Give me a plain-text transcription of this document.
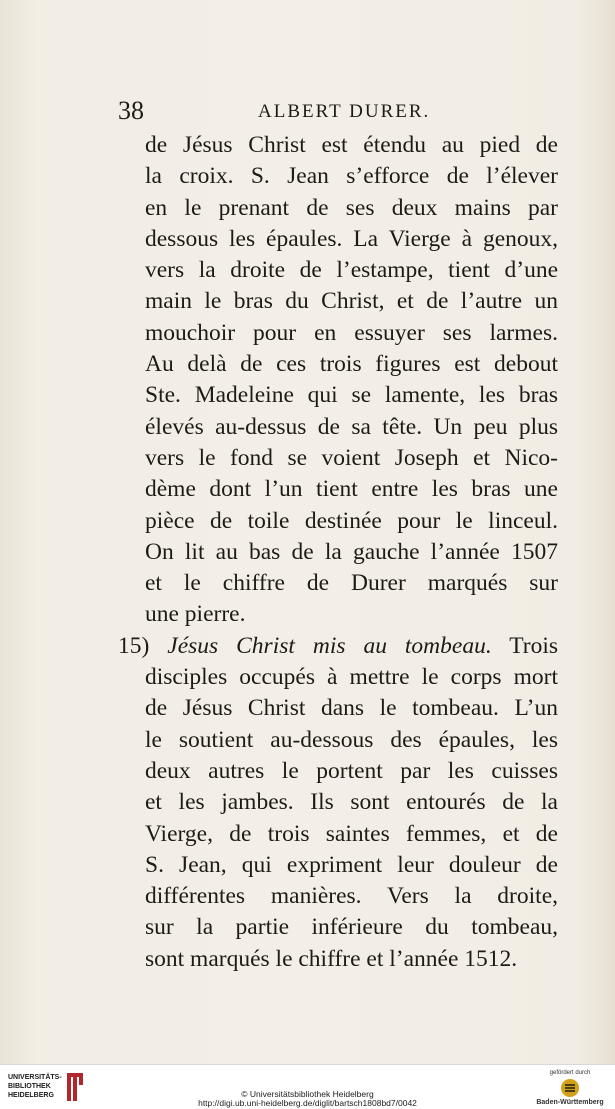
38	ALBERT DURER.
de Jésus Christ est étendu au pied de
la croix. S. Jean s’efforce de l’élever
en le prenant de ses deux mains par
dessous les épaules. La Vierge à genoux,
vers la droite de l’estampe, tient d’une
main le bras du Christ, et de l’autre un
mouchoir pour en essuyer ses larmes.
Au delà de ces trois figures est debout
Ste. Madeleine qui se lamente, les bras
élevés au-dessus de sa tête. Un peu plus
vers le fond se voient Joseph et Nico-
dème dont l’un tient entre les bras une
pièce de toile destinée pour le linceul.
On lit au bas de la gauche l’année 1507
et le chiffre de Durer marqués sur
une pierre.
15) Jésus Christ mis au tombeau. Trois
disciples occupés à mettre le corps mort
de Jésus Christ dans le tombeau. L’un
le soutient au-dessous des épaules, les
deux autres le portent par les cuisses
et les jambes. Ils sont entourés de la
Vierge, de trois saintes femmes, et de
S. Jean, qui expriment leur douleur de
différentes manières. Vers la droite,
sur la partie inférieure du tombeau,
sont marqués le chiffre et l’année 1512.
UNIVERSITÄTS-
BIBLIOTHEK
HEIDELBERG	© Universitätsbibliothek Heidelberg
http://digi.ub.uni-heidelberg.de/diglit/bartsch1808bd7/0042
gefördert durch
Baden-Württemberg
